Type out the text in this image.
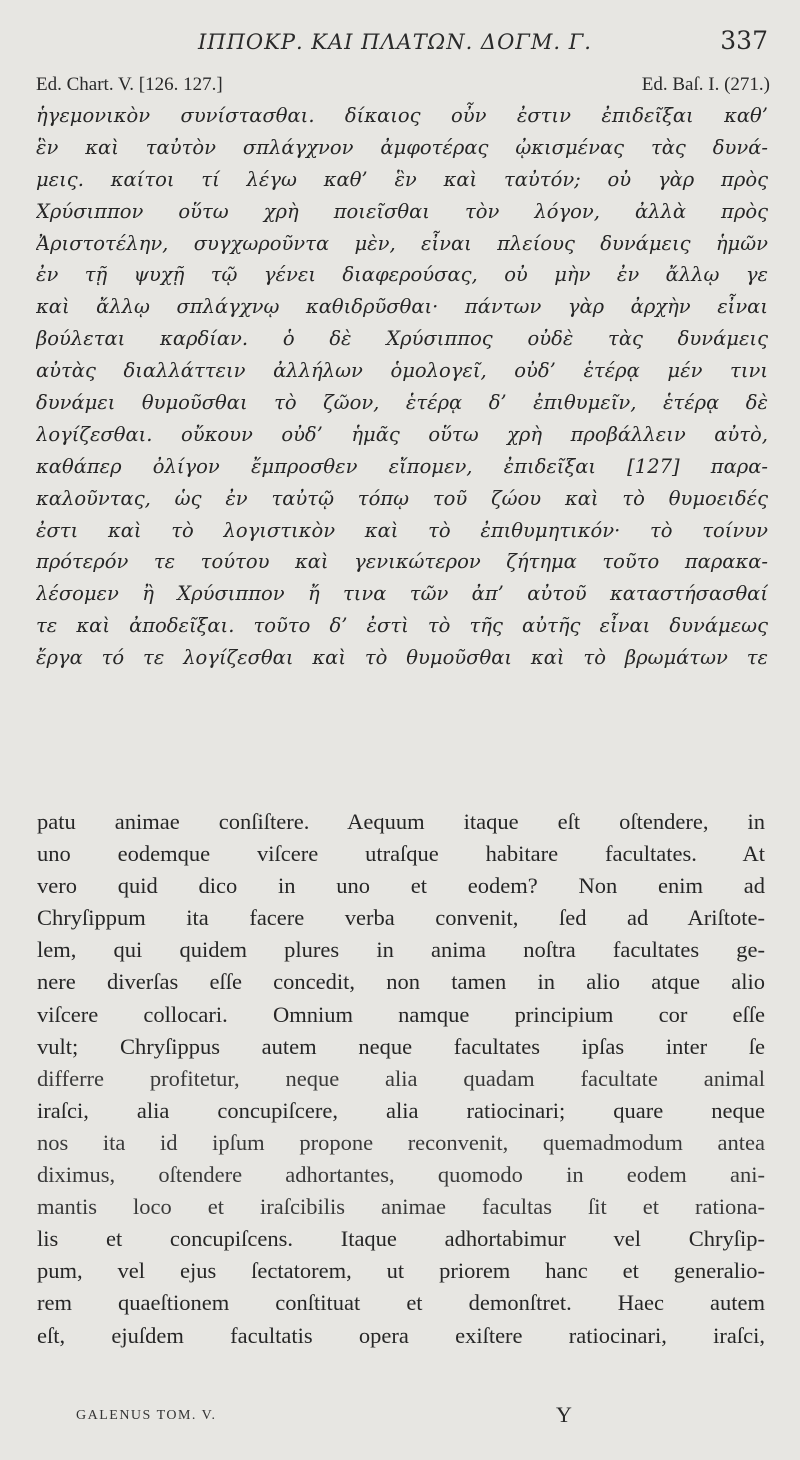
ΙΠΠΟΚΡ. ΚΑΙ ΠΛΑΤΩΝ. ΔΟΓΜ. Γ.	337
Ed. Chart. V. [126. 127.]	Ed. Baſ. I. (271.)
ἡγεμονικὸν συνίστασθαι. δίκαιος οὖν ἐστιν ἐπιδεῖξαι καθ’
ἓν καὶ ταὐτὸν σπλάγχνον ἀμφοτέρας ᾠκισμένας τὰς δυνά-
μεις. καίτοι τί λέγω καθ’ ἓν καὶ ταὐτόν; οὐ γὰρ πρὸς
Χρύσιππον οὕτω χρὴ ποιεῖσθαι τὸν λόγον, ἀλλὰ πρὸς
Ἀριστοτέλην, συγχωροῦντα μὲν, εἶναι πλείους δυνάμεις ἡμῶν
ἐν τῇ ψυχῇ τῷ γένει διαφερούσας, οὐ μὴν ἐν ἄλλῳ γε
καὶ ἄλλῳ σπλάγχνῳ καθιδρῦσθαι· πάντων γὰρ ἀρχὴν εἶναι
βούλεται καρδίαν. ὁ δὲ Χρύσιππος οὐδὲ τὰς δυνάμεις
αὐτὰς διαλλάττειν ἀλλήλων ὁμολογεῖ, οὐδ’ ἑτέρᾳ μέν τινι
δυνάμει θυμοῦσθαι τὸ ζῶον, ἑτέρᾳ δ’ ἐπιθυμεῖν, ἑτέρᾳ δὲ
λογίζεσθαι. οὔκουν οὐδ’ ἡμᾶς οὕτω χρὴ προβάλλειν αὐτὸ,
καθάπερ ὀλίγον ἔμπροσθεν εἴπομεν, ἐπιδεῖξαι [127] παρα-
καλοῦντας, ὡς ἐν ταὐτῷ τόπῳ τοῦ ζώου καὶ τὸ θυμοειδές
ἐστι καὶ τὸ λογιστικὸν καὶ τὸ ἐπιθυμητικόν· τὸ τοίνυν
πρότερόν τε τούτου καὶ γενικώτερον ζήτημα τοῦτο παρακα-
λέσομεν ἢ Χρύσιππον ἤ τινα τῶν ἀπ’ αὐτοῦ καταστήσασθαί
τε καὶ ἀποδεῖξαι. τοῦτο δ’ ἐστὶ τὸ τῆς αὐτῆς εἶναι δυνάμεως
ἔργα τό τε λογίζεσθαι καὶ τὸ θυμοῦσθαι καὶ τὸ βρωμάτων τε
patu animae conſiſtere. Aequum itaque eſt oſtendere, in
uno eodemque viſcere utraſque habitare facultates. At
vero quid dico in uno et eodem? Non enim ad
Chryſippum ita facere verba convenit, ſed ad Ariſtote-
lem, qui quidem plures in anima noſtra facultates ge-
nere diverſas eſſe concedit, non tamen in alio atque alio
viſcere collocari. Omnium namque principium cor eſſe
vult; Chryſippus autem neque facultates ipſas inter ſe
differre profitetur, neque alia quadam facultate animal
iraſci, alia concupiſcere, alia ratiocinari; quare neque
nos ita id ipſum propone reconvenit, quemadmodum antea
diximus, oſtendere adhortantes, quomodo in eodem ani-
mantis loco et iraſcibilis animae facultas ſit et rationa-
lis et concupiſcens. Itaque adhortabimur vel Chryſip-
pum, vel ejus ſectatorem, ut priorem hanc et generalio-
rem quaeſtionem conſtituat et demonſtret. Haec autem
eſt, ejuſdem facultatis opera exiſtere ratiocinari, iraſci,
GALENUS TOM. V.	Y
